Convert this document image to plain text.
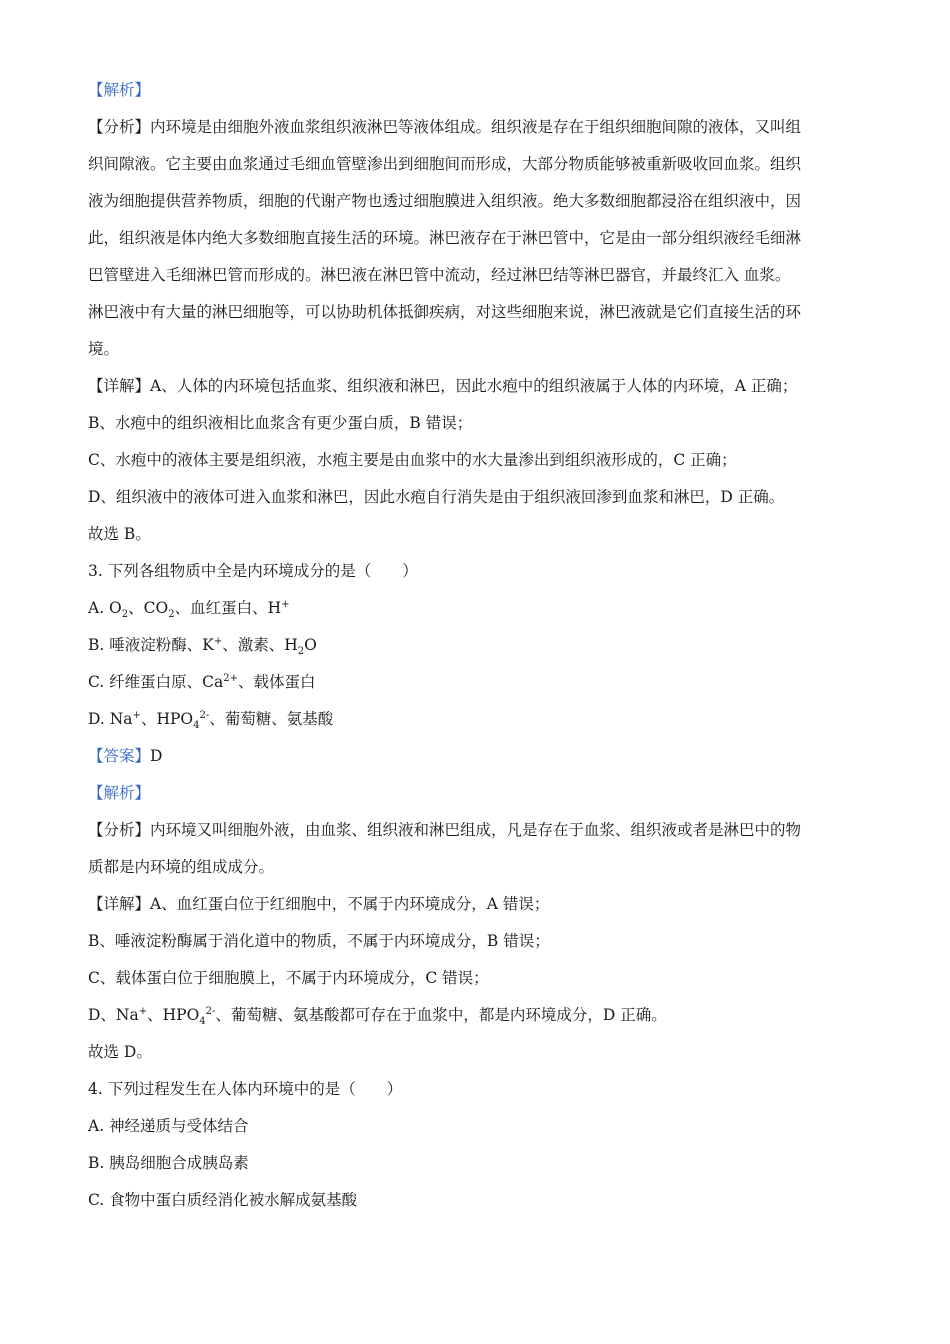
【解析】
【分析】内环境是由细胞外液血浆组织液淋巴等液体组成。组织液是存在于组织细胞间隙的液体，又叫组
织间隙液。它主要由血浆通过毛细血管壁渗出到细胞间而形成，大部分物质能够被重新吸收回血浆。组织
液为细胞提供营养物质，细胞的代谢产物也透过细胞膜进入组织液。绝大多数细胞都浸浴在组织液中，因
此，组织液是体内绝大多数细胞直接生活的环境。淋巴液存在于淋巴管中，它是由一部分组织液经毛细淋
巴管壁进入毛细淋巴管而形成的。淋巴液在淋巴管中流动，经过淋巴结等淋巴器官，并最终汇入 血浆。
淋巴液中有大量的淋巴细胞等，可以协助机体抵御疾病，对这些细胞来说，淋巴液就是它们直接生活的环
境。
【详解】A、人体的内环境包括血浆、组织液和淋巴，因此水疱中的组织液属于人体的内环境，A 正确；
B、水疱中的组织液相比血浆含有更少蛋白质，B 错误；
C、水疱中的液体主要是组织液，水疱主要是由血浆中的水大量渗出到组织液形成的，C 正确；
D、组织液中的液体可进入血浆和淋巴，因此水疱自行消失是由于组织液回渗到血浆和淋巴，D 正确。
故选 B。
3. 下列各组物质中全是内环境成分的是（　　）
A. $O_2$、$CO_2$、血红蛋白、H+
B. 唾液淀粉酶、K+、激素、$H_2O$
C. 纤维蛋白原、$Ca^{2+}$、载体蛋白
D. Na+、$HPO_4^{2-}$、葡萄糖、氨基酸
【答案】D
【解析】
【分析】内环境又叫细胞外液，由血浆、组织液和淋巴组成，凡是存在于血浆、组织液或者是淋巴中的物
质都是内环境的组成成分。
【详解】A、血红蛋白位于红细胞中，不属于内环境成分，A 错误；
B、唾液淀粉酶属于消化道中的物质，不属于内环境成分，B 错误；
C、载体蛋白位于细胞膜上，不属于内环境成分，C 错误；
D、Na+、$HPO_4^{2-}$、葡萄糖、氨基酸都可存在于血浆中，都是内环境成分，D 正确。
故选 D。
4. 下列过程发生在人体内环境中的是（　　）
A. 神经递质与受体结合
B. 胰岛细胞合成胰岛素
C. 食物中蛋白质经消化被水解成氨基酸
